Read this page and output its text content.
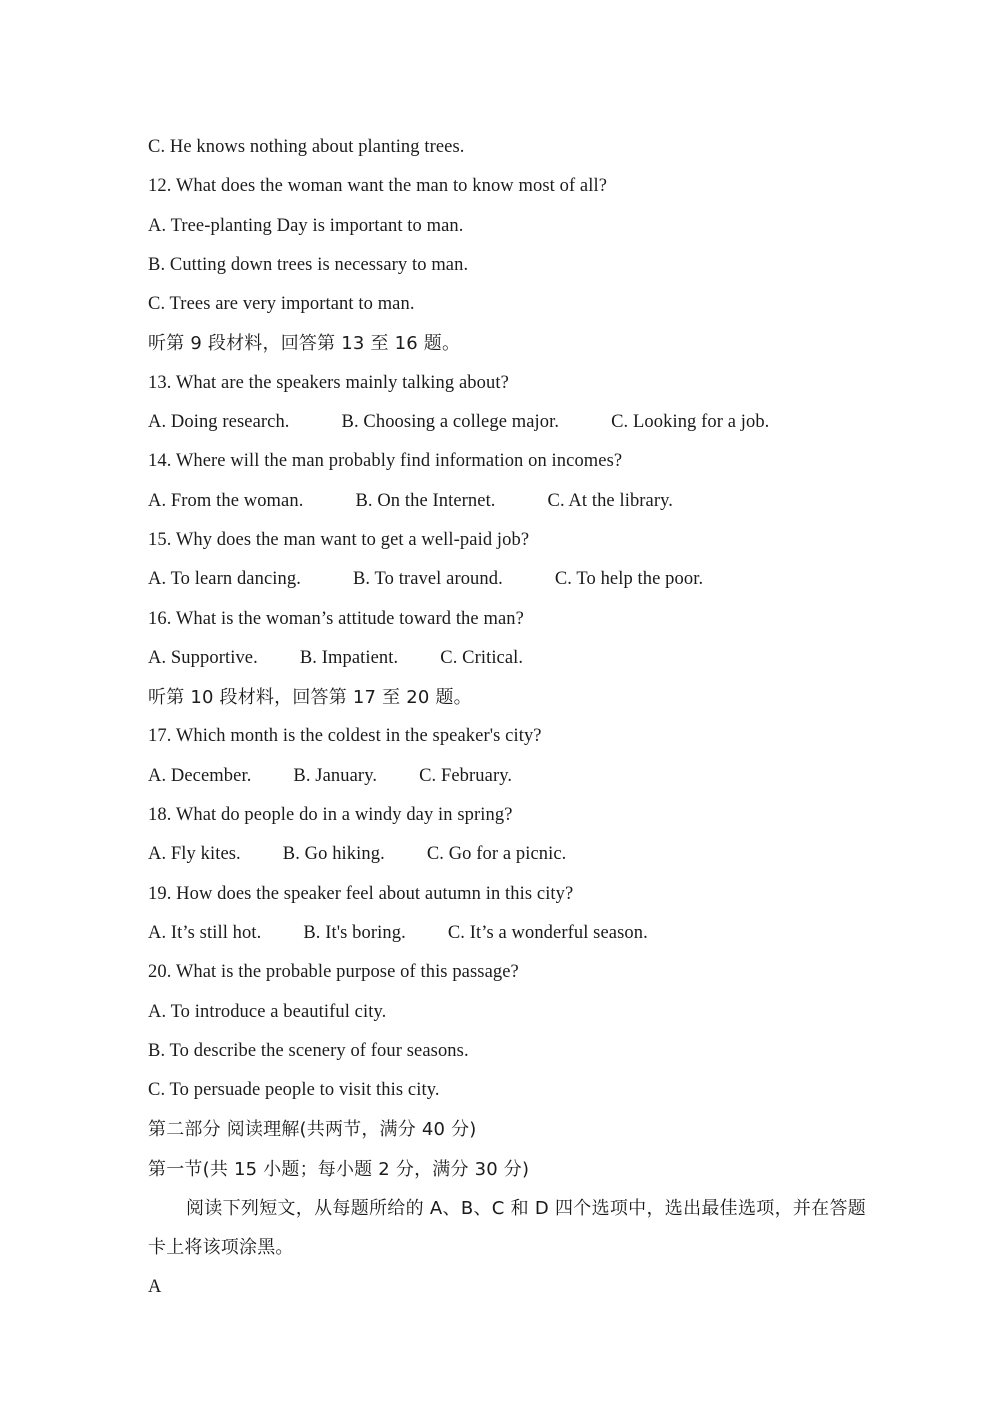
C. He knows nothing about planting trees.
12. What does the woman want the man to know most of all?
A. Tree-planting Day is important to man.
B. Cutting down trees is necessary to man.
C. Trees are very important to man.
听第 9 段材料，回答第 13 至 16 题。
13. What are the speakers mainly talking about?
A. Doing research.	B. Choosing a college major.	C. Looking for a job.
14. Where will the man probably find information on incomes?
A. From the woman.	B. On the Internet.	C. At the library.
15. Why does the man want to get a well-paid job?
A. To learn dancing.	B. To travel around.	C. To help the poor.
16. What is the woman’s attitude toward the man?
A. Supportive. B. Impatient. C. Critical.
听第 10 段材料，回答第 17 至 20 题。
17. Which month is the coldest in the speaker's city?
A. December. B. January. C. February.
18. What do people do in a windy day in spring?
A. Fly kites. B. Go hiking. C. Go for a picnic.
19. How does the speaker feel about autumn in this city?
A. It’s still hot. B. It's boring. C. It’s a wonderful season.
20. What is the probable purpose of this passage?
A. To introduce a beautiful city.
B. To describe the scenery of four seasons.
C. To persuade people to visit this city.
第二部分 阅读理解(共两节，满分 40 分)
第一节(共 15 小题；每小题 2 分，满分 30 分)
阅读下列短文，从每题所给的 A、B、C 和 D 四个选项中，选出最佳选项，并在答题卡上将该项涂黑。
A
